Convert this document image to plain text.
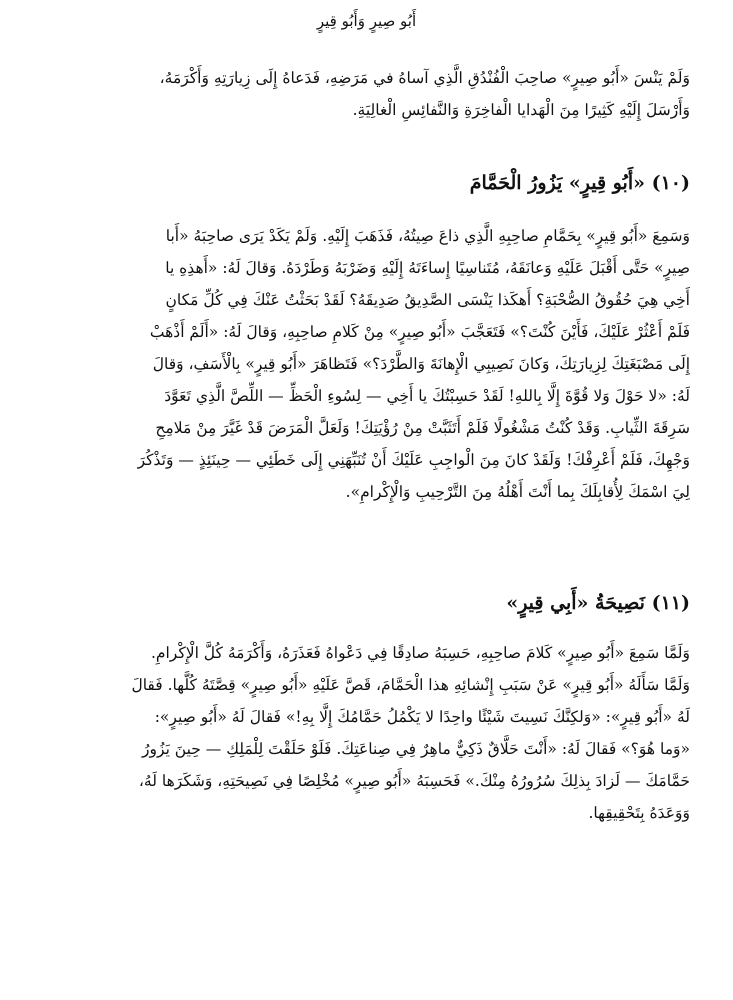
أَبُو صِيرٍ وَأَبُو قِيرٍ
وَلَمْ يَنْسَ «أَبُو صِيرٍ» صاحِبَ الْفُنْدُقِ الَّذِي آساهُ في مَرَضِهِ، فَدَعاهُ إِلَى زِيارَتِهِ وَأَكْرَمَهُ،
وَأَرْسَلَ إِلَيْهِ كَثِيرًا مِنَ الْهَدايا الْفاخِرَةِ وَالنَّفائِسِ الْغالِيَةِ.
(١٠) «أَبُو قِيرٍ» يَزُورُ الْحَمَّامَ
وَسَمِعَ «أَبُو قِيرٍ» بِحَمَّامِ صاحِبِهِ الَّذِي ذاعَ صِيتُهُ، فَذَهَبَ إِلَيْهِ. وَلَمْ يَكَدْ يَرَى صاحِبَهُ «أَبا
صِيرٍ» حَتَّى أَقْبَلَ عَلَيْهِ وَعانَقَهُ، مُتَناسِيًا إِساءَتَهُ إِلَيْهِ وَضَرْبَهُ وَطَرْدَهُ. وَقالَ لَهُ: «أَهذِهِ يا
أَخِي هِيَ حُقُوقُ الصُّحْبَةِ؟ أَهكَذا يَنْسَى الصَّدِيقُ صَدِيقَهُ؟ لَقَدْ بَحَثْتُ عَنْكَ فِي كُلِّ مَكانٍ
فَلَمْ أَعْثُرْ عَلَيْكَ، فَأَيْنَ كُنْتَ؟» فَتَعَجَّبَ «أَبُو صِيرٍ» مِنْ كَلامِ صاحِبِهِ، وَقالَ لَهُ: «أَلَمْ أَذْهَبْ
إِلَى مَصْبَغَتِكَ لِزِيارَتِكَ، وَكانَ نَصِيبِي الْإِهانَةَ وَالطَّرْدَ؟» فَتَظاهَرَ «أَبُو قِيرٍ» بِالْأَسَفِ، وَقالَ
لَهُ: «لا حَوْلَ وَلا قُوَّةَ إِلَّا بِاللهِ! لَقَدْ حَسِبْتُكَ يا أَخِي — لِسُوءِ الْحَظِّ — اللِّصَّ الَّذِي تَعَوَّدَ
سَرِقَةَ الثِّيابِ. وَقَدْ كُنْتُ مَشْغُولًا فَلَمْ أَتَثَبَّتْ مِنْ رُؤْيَتِكَ! وَلَعَلَّ الْمَرَضَ قَدْ غَيَّرَ مِنْ مَلامِحِ
وَجْهِكَ، فَلَمْ أَعْرِفْكَ! وَلَقَدْ كانَ مِنَ الْواجِبِ عَلَيْكَ أَنْ تُنَبِّهَنِي إِلَى خَطَئِي — حِينَئِذٍ — وَتَذْكُرَ
لِيَ اسْمَكَ لِأُقابِلَكَ بِما أَنْتَ أَهْلُهُ مِنَ التَّرْحِيبِ وَالْإِكْرامِ».
(١١) نَصِيحَةُ «أَبِي قِيرٍ»
وَلَمَّا سَمِعَ «أَبُو صِيرٍ» كَلامَ صاحِبِهِ، حَسِبَهُ صادِقًا فِي دَعْواهُ فَعَذَرَهُ، وَأَكْرَمَهُ كُلَّ الْإِكْرامِ.
وَلَمَّا سَأَلَهُ «أَبُو قِيرٍ» عَنْ سَبَبِ إِنْشائِهِ هذا الْحَمَّامَ، قَصَّ عَلَيْهِ «أَبُو صِيرٍ» قِصَّتَهُ كُلَّها. فَقالَ
لَهُ «أَبُو قِيرٍ»: «وَلكِنَّكَ نَسِيتَ شَيْئًا واحِدًا لا يَكْمُلُ حَمَّامُكَ إِلَّا بِهِ!» فَقالَ لَهُ «أَبُو صِيرٍ»:
«وَما هُوَ؟» فَقالَ لَهُ: «أَنْتَ حَلَّاقٌ ذَكِيٌّ ماهِرٌ فِي صِناعَتِكَ. فَلَوْ حَلَقْتَ لِلْمَلِكِ — حِينَ يَزُورُ
حَمَّامَكَ — لَزادَ بِذلِكَ سُرُورُهُ مِنْكَ.» فَحَسِبَهُ «أَبُو صِيرٍ» مُخْلِصًا فِي نَصِيحَتِهِ، وَشَكَرَها لَهُ،
وَوَعَدَهُ بِتَحْقِيقِها.
